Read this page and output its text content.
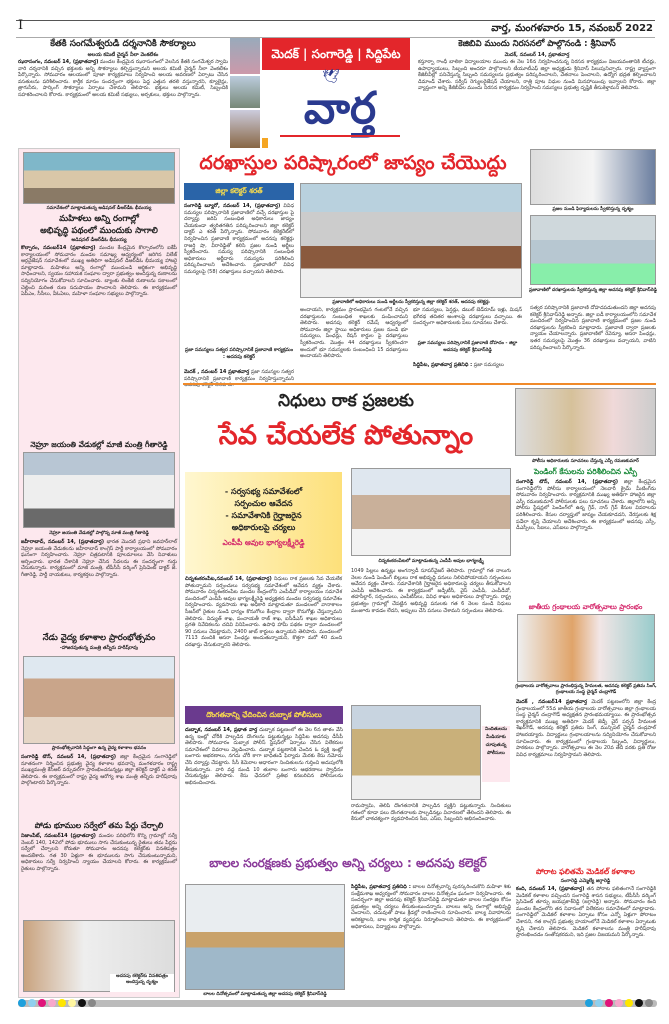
I	వార్త, మంగళవారం 15, నవంబర్ 2022
కేతకి సంగమేశ్వరుడి దర్శనానికి సౌకర్యాలు
అలయ కమిటీ చైర్మన్ నీలా వెంకటేశం
ఝరాసంగం, నవంబర్ 14, (ప్రభాతవార్త) మండల కేంద్రమైన ఝరాసంగంలో వెలసిన కేతకి సంగమేశ్వర స్వామి వారి దర్శనానికి వచ్చిన భక్తులకు అన్ని సౌకర్యాలు కల్పిస్తున్నామని అలయ కమిటీ చైర్మన్ నీలా వెంకటేశం పేర్కొన్నారు. సోమవారం ఆలయంలో పూజా కార్యక్రమాలు నిర్వహించి అలయ అవరణలో ఏర్పాటు చేసిన వసతులను పరిశీలించారు. కార్తీక మాసం సందర్భంగా భక్తులు పెద్ద ఎత్తున తరలి వస్తున్నారని, క్యూలైన్లు, త్రాగునీరు, పార్కింగ్ సౌకర్యాలు ఏర్పాటు చేశామని తెలిపారు. భక్తులు అలయ కమిటీ, సిబ్బందికి సహకరించాలని కోరారు. కార్యక్రమంలో అలయ కమిటీ సభ్యులు, అర్చకులు, భక్తులు పాల్గొన్నారు.
మెదక్ | సంగారెడ్డి | సిద్దిపేట
🕊
వార్త
కెజిబివి ముందు నిరసనలో పాల్గొనండి : శ్రీనివాస్
మెదక్, నవంబర్ 14, ప్రభాతవార్త
కస్తూర్బా గాంధీ బాలికా విద్యాలయాల ముందు ఈ నెల 16న నిర్వహించనున్న నిరసన కార్యక్రమం విజయవంతానికి టీచర్లు, ఉపాధ్యాయులు, సిబ్బంది అందరూ పాల్గొనాలని టీయూటీఎఫ్ జిల్లా అధ్యక్షుడు శ్రీనివాస్ పిలుపునిచ్చారు. రాష్ట్ర వ్యాప్తంగా కేజీబీవీల్లో పనిచేస్తున్న సిబ్బంది సమస్యలను ప్రభుత్వం పరిష్కరించాలని, వేతనాలు పెంచాలని, ఉద్యోగ భద్రత కల్పించాలని డిమాండ్ చేశారు. సర్వీస్ రెగ్యులరైజేషన్ చేయాలని, రాత్రి పూట విధుల నుండి మినహాయింపు ఇవ్వాలని కోరారు. జిల్లా వ్యాప్తంగా అన్ని కేజీబీవీల ముందు నిరసన కార్యక్రమం నిర్వహించి సమస్యలు ప్రభుత్వ దృష్టికి తీసుకెళ్తామని తెలిపారు.
సమావేశంలో మాట్లాడుతున్న అడిషనల్ డీఆర్‌డీఓ భీమయ్య
మహిళలు అన్ని రంగాల్లో
అభివృద్ధి పథంలో ముందుకు సాగాలి
అడిషనల్ డీఆర్‌డీఓ భీమయ్య
కొల్చారం, నవంబర్14 (ప్రభాతవార్త) మండల కేంద్రమైన కొల్చారంలోని ఐకేపీ కార్యాలయంలో సోమవారం మండల సమాఖ్య ఆధ్వర్యంలో జరిగిన విలేజ్ ఆర్గనైజేషన్ సమావేశంలో ముఖ్య అతిథిగా అడిషనల్ డీఆర్‌డీఓ భీమయ్య హాజరై మాట్లాడారు. మహిళలు అన్ని రంగాల్లో ముందుండి ఆర్థికంగా అభివృద్ధి సాధించాలని, స్వయం సహాయక సంఘాల ద్వారా ప్రభుత్వం అందిస్తున్న రుణాలను సద్వినియోగం చేసుకోవాలని సూచించారు. బ్యాంకు లింకేజీ రుణాలను సకాలంలో చెల్లించి మరింత రుణ సదుపాయం పొందాలని తెలిపారు. ఈ కార్యక్రమంలో ఏపీఎం, సీసీలు, వీఓఏలు, మహిళా సంఘాల సభ్యులు పాల్గొన్నారు.
నెహ్రూ జయంతి వేడుకల్లో మాజీ మంత్రి గీతారెడ్డి
నెహ్రూ జయంతి వేడుకల్లో పాల్గొన్న మాజీ మంత్రి గీతారెడ్డి
జహీరాబాద్, నవంబర్ 14, (ప్రభాతవార్త) భారత మొదటి ప్రధాని జవహర్‌లాల్ నెహ్రూ జయంతి వేడుకలను జహీరాబాద్ కాంగ్రెస్ పార్టీ కార్యాలయంలో సోమవారం ఘనంగా నిర్వహించారు. నెహ్రూ చిత్రపటానికి పూలమాలలు వేసి నివాళులు అర్పించారు. భారత దేశానికి నెహ్రూ చేసిన సేవలను ఈ సందర్భంగా గుర్తు చేసుకున్నారు. కార్యక్రమంలో మాజీ మంత్రి, టీపీసీసీ వర్కింగ్ ప్రెసిడెంట్ డాక్టర్ జె. గీతారెడ్డి, పార్టీ నాయకులు, కార్యకర్తలు పాల్గొన్నారు.
నేడు వైద్య కళాశాల ప్రారంభోత్సవం
-హాజరవుతున్న మంత్రి తన్నీరు హరీష్‌రావు
ప్రారంభోత్సవానికి సిద్ధంగా ఉన్న వైద్య కళాశాల భవనం
సంగారెడ్డి టౌన్, నవంబర్ 14, (ప్రభాతవార్త) జిల్లా కేంద్రమైన సంగారెడ్డిలో నూతనంగా నిర్మించిన ప్రభుత్వ వైద్య కళాశాల భవనాన్ని మంగళవారం రాష్ట్ర ముఖ్యమంత్రి కేసీఆర్ వర్చువల్‌గా ప్రారంభించనున్నట్లు జిల్లా కలెక్టర్ డాక్టర్ ఎ శరత్ తెలిపారు. ఈ కార్యక్రమంలో రాష్ట్ర వైద్య ఆరోగ్య శాఖ మంత్రి తన్నీరు హరీష్‌రావు పాల్గొంటారని పేర్కొన్నారు.
పోడు భూముల సర్వేలో తమ పేర్లు చేర్చాలి
నిజాంపేట్, నవంబర్14 (ప్రభాతవార్త) మండల పరిధిలోని కొన్ని గ్రామాల్లో సర్వే నెంబర్ 140, 142లో పోడు భూములు సాగు చేసుకుంటున్న రైతులు తమ పేర్లను సర్వేలో చేర్చాలని కోరుతూ సోమవారం అదనపు కలెక్టర్‌కు వినతిపత్రం అందజేశారు. గత 30 ఏళ్లుగా ఈ భూములను సాగు చేసుకుంటున్నామని, అధికారులు సర్వే నిర్వహించి న్యాయం చేయాలని కోరారు. ఈ కార్యక్రమంలో రైతులు పాల్గొన్నారు.
అదనపు కలెక్టర్‌కు వినతిపత్రం అందిస్తున్న దృశ్యం
దరఖాస్తుల పరిష్కారంలో జాప్యం చేయొద్దు
జిల్లా కలెక్టర్ శరత్
సంగారెడ్డి బ్యూరో, నవంబర్ 14, (ప్రభాతవార్త) వివిధ సమస్యల పరిష్కారానికి ప్రజావాణిలో వచ్చే దరఖాస్తుల పై దర్యాప్తు జరిపి సంబంధిత అధికారులు జాప్యం చేయకుండా త్వరితగతిన పరిష్కరించాలని జిల్లా కలెక్టర్ డాక్టర్ ఎ శరత్ పేర్కొన్నారు. సోమవారం కలెక్టరేట్‌లో నిర్వహించిన ప్రజావాణి కార్యక్రమంలో అదనపు కలెక్టర్లు రాజర్షి షా, వీరారెడ్డితో కలిసి ప్రజల నుండి అర్జీలు స్వీకరించారు. సమస్య పరిష్కారానికి సంబంధిత అధికారులు అర్జీదారు సమస్యను పరిశీలించి పరిష్కరించాలని ఆదేశించారు. ప్రజావాణిలో వివిధ సమస్యలపై (58) దరఖాస్తులు వచ్చాయని తెలిపారు.
ప్రజా సమస్యలు సత్వర పరిష్కారానికే ప్రజావాణి కార్యక్రమం : అదనపు కలెక్టర్
మెదక్ , నవంబర్ 14 ప్రభాతవార్త ప్రజా సమస్యల సత్వర పరిష్కారానికే ప్రజావాణి కార్యక్రమం నిర్వహిస్తున్నామని అదనపు కలెక్టర్ తెలిపారు.
ప్రజావాణిలో అధికారులు నుండి అర్జీలను స్వీకరిస్తున్న జిల్లా కలెక్టర్ శరత్, అదనపు కలెక్టర్లు
అందాయని, కార్యక్రమం ప్రారంభమైన గంటలోనే వచ్చిన దరఖాస్తులను సంబంధిత శాఖలకు పంపించామని తెలిపారు. అదనపు కలెక్టర్ రమేష్ ఆధ్వర్యంలో సోమవారం జిల్లా స్థాయి అధికారులు ప్రజల నుండి భూ సమస్యలు, పింఛన్లు, రేషన్ కార్డుల పై దరఖాస్తులు స్వీకరించారు. మొత్తం 44 దరఖాస్తులు స్వీకరించగా అందులో భూ సమస్యలకు సంబంధించి 15 దరఖాస్తులు అందాయని తెలిపారు.
భూ సమస్యలు, పెన్షన్లు, డబుల్ బెడ్‌రూమ్ ఇళ్లు, మిషన్ భగీరథ తదితర అంశాలపై దరఖాస్తులు వచ్చాయి. ఈ సందర్భంగా అధికారులకు పలు సూచనలు చేశారు.
ప్రజా సమస్యలు పరిష్కారానికే ప్రజావాణి దోహదం - జిల్లా అదనపు కలెక్టర్ శ్రీనివాస్‌రెడ్డి
సిద్దిపేట, ప్రభాతవార్త ప్రతినిధి : ప్రజా సమస్యలు
ప్రజల నుండి ఫిర్యాదులను స్వీకరిస్తున్న దృశ్యం
ప్రజావాణిలో దరఖాస్తులను స్వీకరిస్తున్న జిల్లా అదనపు కలెక్టర్ శ్రీనివాస్‌రెడ్డి
సత్వర పరిష్కారానికి ప్రజావాణి దోహదపడుతుందని జిల్లా అదనపు కలెక్టర్ శ్రీనివాస్‌రెడ్డి అన్నారు. జిల్లా ఐడీ కార్యాలయంలోని సమావేశ మందిరంలో నిర్వహించిన ప్రజావాణి కార్యక్రమంలో ప్రజల నుండి దరఖాస్తులను స్వీకరించి మాట్లాడారు. ప్రజావాణి ద్వారా ప్రజలకు న్యాయం చేయాలన్నారు. ప్రజావాణిలో రెవెన్యూ, ఆసరా పింఛన్లు, ఇతర సమస్యలపై మొత్తం 36 దరఖాస్తులు వచ్చాయని, వాటిని పరిష్కరించాలని పేర్కొన్నారు.
నిధులు రాక ప్రజలకు
సేవ చేయలేక పోతున్నాం
పోలీసు అధికారులకు సూచనలు చేస్తున్న ఎస్పీ రమణకుమార్
- సర్వసభ్య సమావేశంలో
సర్పంచుల ఆవేదన
- సమావేశానికి గైర్హాజరైన
అధికారులపై చర్యలు
ఎంపీపీ ఆవుల భాగ్యలక్ష్మీరెడ్డి
చిన్నశంకరంపేటలో మాట్లాడుతున్న ఎంపీపీ ఆవుల భాగ్యలక్ష్మీ
చిన్నశంకరంపేట,నవంబర్ 14, (ప్రభాతవార్త) నిధులు రాక ప్రజలకు సేవ చేయలేక పోతున్నామని సర్పంచులు సర్వసభ్య సమావేశంలో ఆవేదన వ్యక్తం చేశారు. సోమవారం చిన్నశంకరంపేట మండల కేంద్రంలోని ఎంపీడీవో కార్యాలయం సమావేశ మందిరంలో ఎంపీపీ ఆవుల భాగ్యలక్ష్మీరెడ్డి అధ్యక్షతన మండల సర్వసభ్య సమావేశం నిర్వహించారు. వ్యవసాయ శాఖ అధికారి మాట్లాడుతూ మండలంలో వానాకాలం సీజన్‌లో రైతుల నుండి ధాన్యం కొనుగోలు కేంద్రాల ద్వారా కొనుగోళ్లు చేస్తున్నామని తెలిపారు. విద్యుత్ శాఖ, పంచాయతీ రాజ్ శాఖ, ఐసీడీఎస్ శాఖల అధికారులు ప్రగతి నివేదికలను చదివి వినిపించారు. ఉపాధి హామీ పథకం ద్వారా మండలంలో 90 పనులు చేపట్టామని, 2400 జాబ్ కార్డులు ఉన్నాయని తెలిపారు. మండలంలో 7113 మందికి ఆసరా పింఛన్లు అందుతున్నాయని, కొత్తగా మరో 40 మంది దరఖాస్తు చేసుకున్నారని తెలిపారు.
1049 పిల్లలు ఉన్నట్లు అంగన్వాడీ సూపర్‌వైజర్ తెలిపారు. గ్రామాల్లో గత నాలుగు నెలల నుండి పెండింగ్ బిల్లులు రాక అభివృద్ధి పనులు నిలిచిపోయాయని సర్పంచులు ఆవేదన వ్యక్తం చేశారు. సమావేశానికి గైర్హాజరైన అధికారులపై చర్యలు తీసుకోవాలని ఎంపీపీ ఆదేశించారు. ఈ కార్యక్రమంలో జడ్పీటీసీ, వైస్ ఎంపీపీ, ఎంపీడీవో, తహసీల్దార్, సర్పంచులు, ఎంపీటీసీలు, వివిధ శాఖల అధికారులు పాల్గొన్నారు. రాష్ట్ర ప్రభుత్వం గ్రామాల్లో చేపట్టిన అభివృద్ధి పనులకు గత 6 నెలల నుండి నిధులు మంజూరు కావడం లేదని, అప్పులు చేసి పనులు చేశామని సర్పంచులు తెలిపారు.
పెండింగ్ కేసులను పరిశీలించిన ఎస్పీ
సంగారెడ్డి టౌన్, నవంబర్ 14, (ప్రభాతవార్త) జిల్లా కేంద్రమైన సంగారెడ్డిలోని పోలీసు కార్యాలయంలో నెలవారీ క్రైమ్ మీటింగ్‌ను సోమవారం నిర్వహించారు. కార్యక్రమానికి ముఖ్య అతిథిగా హాజరైన జిల్లా ఎస్పీ రమణకుమార్ పోలీసులకు పలు సూచనలు చేశారు. జిల్లాలోని అన్ని పోలీసు స్టేషన్లలో పెండింగ్‌లో ఉన్న గ్రేవ్, నాన్ గ్రేవ్ కేసుల వివరాలను పరిశీలించారు. కేసుల దర్యాప్తులో జాప్యం చేయకూడదని, నేరస్తులకు శిక్ష పడేలా కృషి చేయాలని ఆదేశించారు. ఈ కార్యక్రమంలో అదనపు ఎస్పీ, డీఎస్పీలు, సీఐలు, ఎస్‌ఐలు పాల్గొన్నారు.
జాతీయ గ్రంథాలయ వారోత్సవాలు ప్రారంభం
గ్రంథాలయ వారోత్సవాలు ప్రారంభిస్తున్న హేమలత, అదనపు కలెక్టర్ ప్రతిమ సింగ్, గ్రంథాలయ సంస్థ చైర్మన్ చంద్రాగౌడ్
మెదక్ , నవంబర్14 ప్రభాతవార్త మెదక్ పట్టణంలోని జిల్లా కేంద్ర గ్రంథాలయంలో 55వ జాతీయ గ్రంథాలయ వారోత్సవాలు జిల్లా గ్రంథాలయ సంస్థ చైర్మన్ చంద్రాగౌడ్ అధ్యక్షతన ప్రారంభమయ్యాయి. ఈ ప్రారంభోత్సవ కార్యక్రమానికి ముఖ్య అతిథిగా మెదక్ జెడ్పీ చైర్ పర్సన్ హేమలత శేఖర్‌గౌడ్, అదనపు కలెక్టర్ ప్రతిమ సింగ్, మున్సిపల్ చైర్మన్ చంద్రపాల్ హాజరయ్యారు. విద్యార్థులు గ్రంథాలయాలను సద్వినియోగం చేసుకోవాలని సూచించారు. ఈ కార్యక్రమంలో గ్రంథాలయ సిబ్బంది, విద్యార్థులు, పాఠకులు పాల్గొన్నారు. వారోత్సవాలు ఈ నెల 20వ తేదీ వరకు ప్రతి రోజు వివిధ కార్యక్రమాలు నిర్వహిస్తామని తెలిపారు.
పోరాట ఫలితమే మెడికల్ కళాశాల
సంగారెడ్డి ఎమ్మెల్యే జగ్గారెడ్డి
కంది, నవంబర్ 14, (ప్రభాతవార్త) తన పోరాట ఫలితంగానే సంగారెడ్డికి మెడికల్ కళాశాల వచ్చిందని సంగారెడ్డి శాసన సభ్యులు, టీపీసీసీ వర్కింగ్ ప్రెసిడెంట్ తూర్పు జయప్రకాశ్‌రెడ్డి (జగ్గారెడ్డి) అన్నారు. సోమవారం కంది మండల కేంద్రంలోని తన నివాసంలో విలేకరుల సమావేశంలో మాట్లాడారు. సంగారెడ్డిలో మెడికల్ కళాశాల ఏర్పాటు కోసం ఎన్నో ఏళ్లుగా పోరాటం చేశానని, గత కాంగ్రెస్ ప్రభుత్వ హయాంలోనే మెడికల్ కళాశాల ఏర్పాటుకు కృషి చేశానని తెలిపారు. మెడికల్ కళాశాలను మంత్రి హరీష్‌రావు ప్రారంభించడం సంతోషకరమని, ఇది ప్రజల విజయమని పేర్కొన్నారు.
దొంగతనాన్ని ఛేదించిన దుబ్బాక పోలీసులు
దుబ్బాక, నవంబర్ 14, ప్రభాత వార్త దుబ్బాక పట్టణంలో ఈ నెల 6న తాళం వేసి ఉన్న ఇంట్లో చోరీకి పాల్పడిన దొంగలను పట్టుకున్నట్లు సిద్దిపేట అదనపు డీసీపీ తెలిపారు. సోమవారం దుబ్బాక పోలీస్ స్టేషన్‌లో ఏర్పాటు చేసిన విలేకరుల సమావేశంలో వివరాలు వెల్లడించారు. దుబ్బాక పట్టణానికి చెందిన ఓ వ్యక్తి ఇంట్లో బంగారు ఆభరణాలు, నగదు చోరీ కాగా బాధితుడి ఫిర్యాదు మేరకు కేసు నమోదు చేసి దర్యాప్తు చేపట్టారు. సీసీ కెమెరాల ఆధారంగా నిందితులను గుర్తించి అదుపులోకి తీసుకున్నారు. వారి వద్ద నుండి 10 తులాల బంగారు ఆభరణాలు స్వాధీనం చేసుకున్నట్లు తెలిపారు. కేసు ఛేదనలో ప్రతిభ కనబరిచిన పోలీసులను అభినందించారు.
నిందితులను మీడియాకు చూపుతున్న పోలీసులు
రామస్వామి, తెలిపి దొంగతనానికి పాల్పడిన వ్యక్తిని పట్టుకున్నారు. నిందితులు గతంలో కూడా పలు దొంగతనాలకు పాల్పడినట్లు విచారణలో తేలిందని తెలిపారు. ఈ కేసులో చాకచక్యంగా వ్యవహరించిన సీఐ, ఎస్‌ఐ, సిబ్బందిని అభినందించారు.
బాలల సంరక్షణకు ప్రభుత్వం అన్ని చర్యలు : అదనపు కలెక్టర్
బాలల దినోత్సవంలో మాట్లాడుతున్న జిల్లా అదనపు కలెక్టర్ శ్రీనివాస్‌రెడ్డి
సిద్దిపేట, ప్రభాతవార్త ప్రతినిధి : బాలల దినోత్సవాన్ని పురస్కరించుకొని మహిళా శిశు సంక్షేమశాఖ ఆధ్వర్యంలో సోమవారం బాలల దినోత్సవం ఘనంగా నిర్వహించారు. ఈ సందర్భంగా జిల్లా అదనపు కలెక్టర్ శ్రీనివాస్‌రెడ్డి మాట్లాడుతూ బాలల సంరక్షణ కోసం ప్రభుత్వం అన్ని చర్యలు తీసుకుంటుందన్నారు. బాలలు అన్ని రంగాల్లో అభివృద్ధి చెందాలని, చదువుతో పాటు క్రీడల్లో రాణించాలని సూచించారు. బాల్య వివాహాలను అరికట్టాలని, బాల కార్మిక వ్యవస్థను నిర్మూలించాలని తెలిపారు. ఈ కార్యక్రమంలో అధికారులు, విద్యార్థులు పాల్గొన్నారు.
